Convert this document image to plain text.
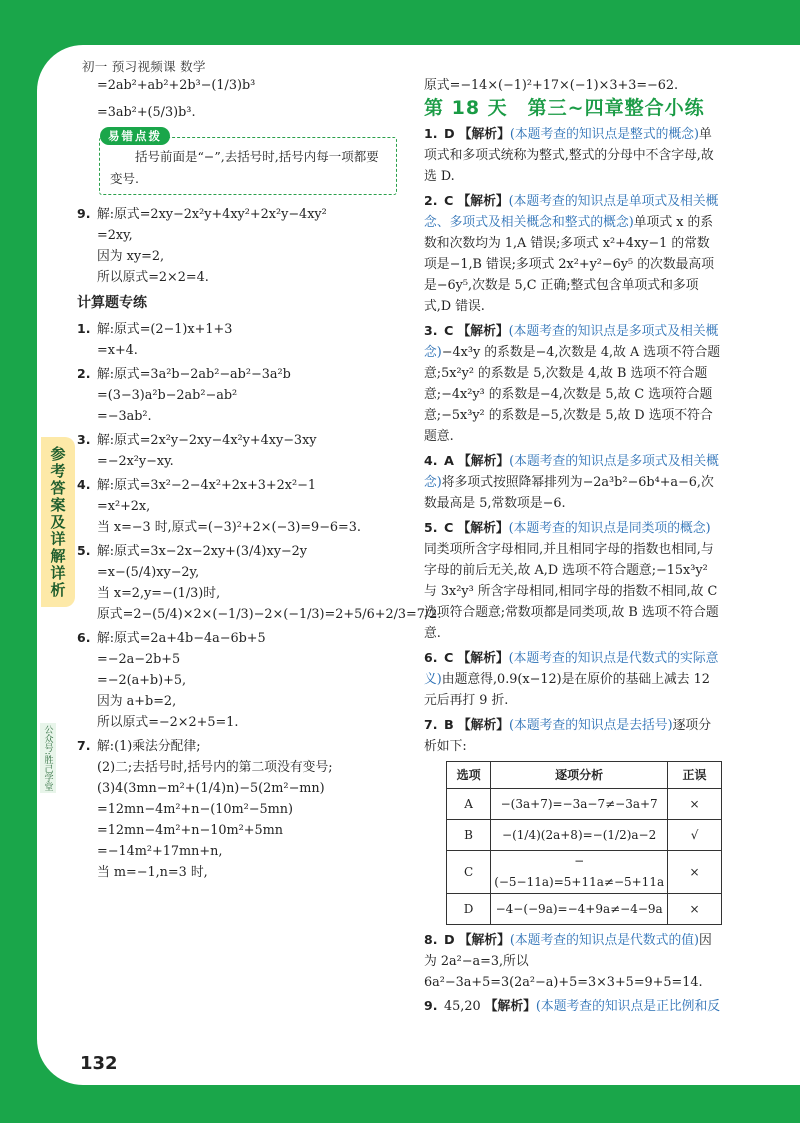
初一 预习视频课 数学
=2ab²+ab²+2b³−(1/3)b³
=3ab²+(5/3)b³.
易错点拨
括号前面是“−”,去括号时,括号内每一项都要变号.
9. 解:原式=2xy−2x²y+4xy²+2x²y−4xy²
=2xy,
因为 xy=2,
所以原式=2×2=4.
计算题专练
1. 解:原式=(2−1)x+1+3
=x+4.
2. 解:原式=3a²b−2ab²−ab²−3a²b
=(3−3)a²b−2ab²−ab²
=−3ab².
3. 解:原式=2x²y−2xy−4x²y+4xy−3xy
=−2x²y−xy.
4. 解:原式=3x²−2−4x²+2x+3+2x²−1
=x²+2x,
当 x=−3 时,原式=(−3)²+2×(−3)=9−6=3.
5. 解:原式=3x−2x−2xy+(3/4)xy−2y
=x−(5/4)xy−2y,
当 x=2,y=−(1/3)时,
原式=2−(5/4)×2×(−1/3)−2×(−1/3)=2+5/6+2/3=7/2.
6. 解:原式=2a+4b−4a−6b+5
=−2a−2b+5
=−2(a+b)+5,
因为 a+b=2,
所以原式=−2×2+5=1.
7. 解:(1)乘法分配律;
(2)二;去括号时,括号内的第二项没有变号;
(3)4(3mn−m²+(1/4)n)−5(2m²−mn)
=12mn−4m²+n−(10m²−5mn)
=12mn−4m²+n−10m²+5mn
=−14m²+17mn+n,
当 m=−1,n=3 时,
原式=−14×(−1)²+17×(−1)×3+3=−62.
第 18 天　第三~四章整合小练
1. D 【解析】(本题考查的知识点是整式的概念)单项式和多项式统称为整式,整式的分母中不含字母,故选 D.
2. C 【解析】(本题考查的知识点是单项式及相关概念、多项式及相关概念和整式的概念)单项式 x 的系数和次数均为 1,A 错误;多项式 x²+4xy−1 的常数项是−1,B 错误;多项式 2x²+y²−6y⁵ 的次数最高项是−6y⁵,次数是 5,C 正确;整式包含单项式和多项式,D 错误.
3. C 【解析】(本题考查的知识点是多项式及相关概念)−4x³y 的系数是−4,次数是 4,故 A 选项不符合题意;5x²y² 的系数是 5,次数是 4,故 B 选项不符合题意;−4x²y³ 的系数是−4,次数是 5,故 C 选项符合题意;−5x³y² 的系数是−5,次数是 5,故 D 选项不符合题意.
4. A 【解析】(本题考查的知识点是多项式及相关概念)将多项式按照降幂排列为−2a³b²−6b⁴+a−6,次数最高是 5,常数项是−6.
5. C 【解析】(本题考查的知识点是同类项的概念)同类项所含字母相同,并且相同字母的指数也相同,与字母的前后无关,故 A,D 选项不符合题意;−15x³y² 与 3x²y³ 所含字母相同,相同字母的指数不相同,故 C 选项符合题意;常数项都是同类项,故 B 选项不符合题意.
6. C 【解析】(本题考查的知识点是代数式的实际意义)由题意得,0.9(x−12)是在原价的基础上减去 12 元后再打 9 折.
7. B 【解析】(本题考查的知识点是去括号)逐项分析如下:
选项	逐项分析	正误
A	−(3a+7)=−3a−7≠−3a+7	×
B	−(1/4)(2a+8)=−(1/2)a−2	√
C	−(−5−11a)=5+11a≠−5+11a	×
D	−4−(−9a)=−4+9a≠−4−9a	×
8. D 【解析】(本题考查的知识点是代数式的值)因为 2a²−a=3,所以 6a²−3a+5=3(2a²−a)+5=3×3+5=9+5=14.
9. 45,20 【解析】(本题考查的知识点是正比例和反
参考答案及详解详析
公众号:胜己学堂
132
